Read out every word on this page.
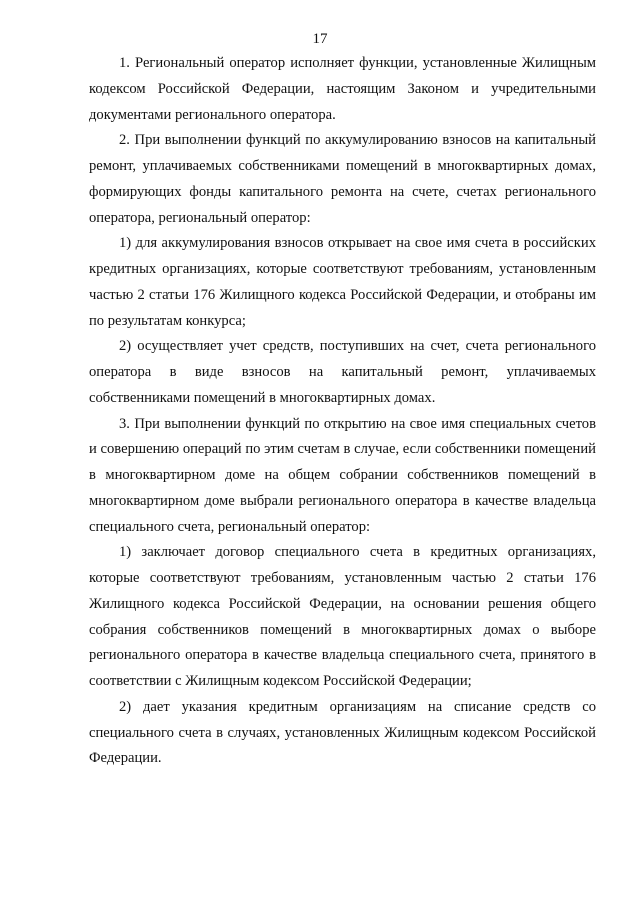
17

1. Региональный оператор исполняет функции, установленные Жилищным кодексом Российской Федерации, настоящим Законом и учредительными документами регионального оператора.

2. При выполнении функций по аккумулированию взносов на капитальный ремонт, уплачиваемых собственниками помещений в многоквартирных домах, формирующих фонды капитального ремонта на счете, счетах регионального оператора, региональный оператор:

1) для аккумулирования взносов открывает на свое имя счета в российских кредитных организациях, которые соответствуют требованиям, установленным частью 2 статьи 176 Жилищного кодекса Российской Федерации, и отобраны им по результатам конкурса;

2) осуществляет учет средств, поступивших на счет, счета регионального оператора в виде взносов на капитальный ремонт, уплачиваемых собственниками помещений в многоквартирных домах.

3. При выполнении функций по открытию на свое имя специальных счетов и совершению операций по этим счетам в случае, если собственники помещений в многоквартирном доме на общем собрании собственников помещений в многоквартирном доме выбрали регионального оператора в качестве владельца специального счета, региональный оператор:

1) заключает договор специального счета в кредитных организациях, которые соответствуют требованиям, установленным частью 2 статьи 176 Жилищного кодекса Российской Федерации, на основании решения общего собрания собственников помещений в многоквартирных домах о выборе регионального оператора в качестве владельца специального счета, принятого в соответствии с Жилищным кодексом Российской Федерации;

2) дает указания кредитным организациям на списание средств со специального счета в случаях, установленных Жилищным кодексом Российской Федерации.
